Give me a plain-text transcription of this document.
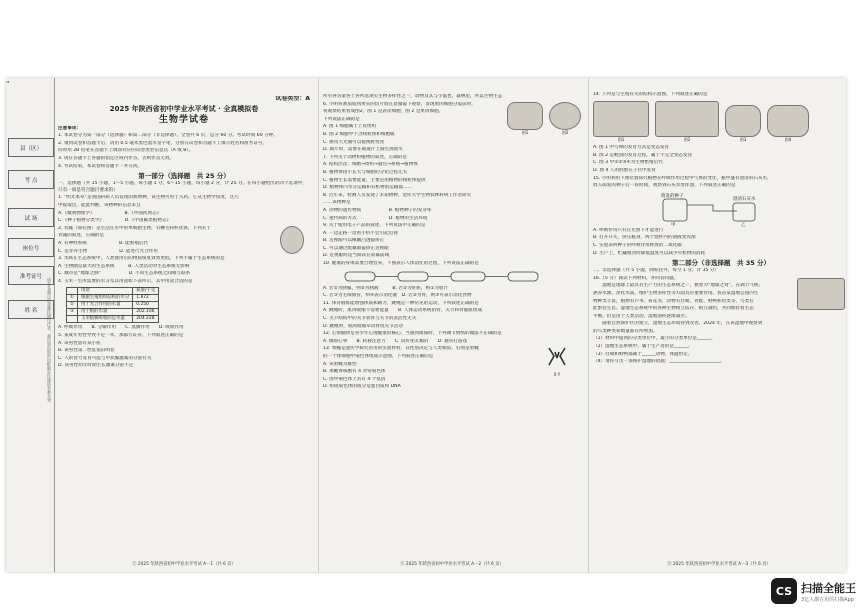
“
县（区）
考 点
试 场
座位号
准考证号
姓 名	请在各题目的答题区域内作答，超出黑色矩形边框限定区域的答案无效
试卷类型：A
2025 年陕西省初中学业水平考试 · 全真模拟卷
生物学试卷
注意事项：
1. 本试卷分为第一部分（选择题）和第二部分（非选择题）。全卷共 6 页，总分 60 分。考试时间 60 分钟。
2. 领到试卷和答题卡后，请用 0.5 毫米黑色墨水签字笔，分别在试卷和答题卡上填写姓名和准考证号，
同时用 2B 铅笔在答题卡上填涂对应的试卷类型信息点（A 或 B）。
3. 请在答题卡上各题的指定区域内作答，否则作答无效。
4. 考试结束，本试卷和答题卡一并交回。
第一部分（选择题　共 25 分）
一、选择题（共 15 小题，1～5 小题，每小题 1 分，6～15 小题，每小题 2 分，计 25 分。在每小题给出的四个选项中，只有一项是符合题目要求的）
1. “明光本草”是我国科研人员发现的新物种，该生物可用于入药。它从生物学角度，这几
中提取出，能此判断，该物种的信息来自
A.《微观物理学》　　　　　　　B.《中国药典志》
C.《种子植物分类学》　　　　　D.《中国蕨类植物志》
2. 衣藻（如右图）是生活在水中的单细胞生物，有鞭毛和杯状体，下列关于
衣藻的叙述，正确的是
A. 有神经系统　　　　　　　B. 能繁殖后代
C. 是异养生物　　　　　　　D. 能进行光合作用
3. 水域在生态系统中，人类使用后的物质恢复效果更低。下列不属于生态系统的是
A. 生物圈是最大的生态系统　　　B. 人类活动对生态系统无影响
C. 城市是“地球之肺”　　　　　　D. 不同生态系统之间相互联系
4. 玉米一生所需要的水分及其用途如下表所示，其中用途合适的是
	用途	质量/千克
①	根据生殖组织结构的水分	1.872
②	用于光合作用的水量	0.250
③	用于根的水量	202.106
	玉米植株吸收的总水量	204.228
A. 呼吸作用　　B. 分解作用　　C. 蒸腾作用　　D. 吸收作用
5. 某成年男性导致不足一米，那都方证常，下列叙述正确的是
A. 该男性患有呆小症
B. 该男性第二性征依旧明显
C. 人的智力发育可能与甲状腺激素的分泌有关
D. 该男性幼年时期生长激素分泌不足
Ⓢ 2025 年陕西省初中学业水平考试 A－1（共 6 页）
所有各答案各上各所选项实生物多样性之一，动物及其与小鼠也，森林里，所以生物生态
图1	图2
6. 小明将番茄成熟果实的切片放在显微镜下观察，发现果肉细胞分裂前时，
将观察结果看成图2，图 1 是表皮细胞，图 2 是果肉细胞。
下列说法正确的是
A. 图 1 细胞属于上皮组织
B. 图 2 细胞中不含线粒体和细胞膜
C. 换用大光圈可以使视野变亮
D. 制片时，需要在载玻片上滴生理盐水
7. 下列关于动物和植物的叙述，正确的是
A. 结构层次：细胞→组织→器官→系统→植物体
B. 植物体由小长大与细胞的分化过程无关
C. 植物生长需要能量，主要是由植物的线粒体提供
D. 植物体内水分运输和有机物的运输都……
8. 近年来，检测人员发现了未知物种，金库大学生物农林科研工作者研究
……该物种是
A. 动物的遗传物质　　　　　　B. 植物种子的发芽率
C. 遗传病的方式　　　　　　　D. 植物的生活环境
9. 关于使用电子产品的叙述，下列说法中正确的是
A. 一边走路一边看手机不会引起近视
B. 近视眼可以佩戴凸透镜矫正
C. 可以通过配戴眼镜矫正近视眼
D. 近视眼时适当阅读在屏幕前线
10. 健康的身体需要合理营养，下图表示人体消化的过程，下列说法正确的是
A. 若②为胰腺，则②为胰液　　　B. 若②为肝脏，则①为胆汁
C. 若③为毛细血管，则④表示消化液　D. 若②为胃，则③可表示消化食物
11. 体育锻炼能增强体质和耐力，跳绳是一种常见的运动，下列叙述正确的是
A. 跳绳时，肌肉收缩不需要能量　　B. 人体运动系统由骨、关节和骨骼肌组成
C. 关节结构中的关节软骨与关节的灵活性无关
D. 跳绳时，肌肉收缩牵动骨绕关节活动
12. 心情愉快是青少年心理健康的核心。当遇到烦恼时，下列调节情绪的做法不正确的是
A. 倾诉心事　　B. 转移注意力　　C. 向好朋友倾诉　　D. 通宵打游戏
X Y
13. 果蝇是遗传学研究常用的实验材料，其性别决定与人类相似，右图是果蝇
的一个体细胞中染色体组成示意图，下列叙述正确的是
A. 该果蝇为雄性
B. 果蝇体细胞有 4 对常染色体
C. 图中染色体上具有 4 个基因
D. 组成染色体的成分是蛋白质和 DNA
Ⓢ 2025 年陕西省初中学业水平考试 A－2（共 6 页）
14. 下列是与生殖有关的结构示意图，下列叙述正确的是
图1	图2	图3	图4
A. 图 1 中鸟卵的发育方式是变态发育
B. 图 2 是蝗虫的发育过程，属于不完全变态发育
C. 图 3 中①②③④为生物繁殖后代
D. 图 4 人的胚胎在子宫中发育
15. 小明利用下图装置探究植物在呼吸作用过程中气体的变化，瓶中盛有澄清的石灰水，
放入萌发的种子后一段时间，观察到石灰水变浑浊，下列叙述正确的是
萌发的种子
澄清石灰水
甲	乙
A. 呼吸作用只有在光照下才能进行
B. 打开开关，挤压瓶身，两个烧杯内的溶液变浑浊
C. 实验表明种子的呼吸作用释放的二氧化碳
D. 生产上，贮藏粮食时降低温度可以减少有机物的消耗
第二部分（非选择题　共 35 分）
二、非选择题（共 5 小题，除标注外，每空 1 分，计 35 分）
16.（5 分）阅读下列材料，并回答问题。
　　湿地是地球上最具有生产力的生态系统之一，被誉为“地球之肾”，在调节气候、
涵养水源、净化水质、维护生物多样性等方面具有重要作用。我省某湿地公园内生
物种类丰富，植物有芦苇、荷花等，动物有白鹭、青蛙、野鸭和鱼类等，鸟类在
此繁衍生息。湿地生态系统中的各种生物相互依存、相互制约，共同维持着生态
平衡。但是由于人类活动，湿地面积逐渐减少。
　　随着自然保护区的建立，湿地生态环境得到改善。2024 年，在该湿地中观察到
的鸟类种类和数量都有所增加。
（1）材料中提到的分类单位中，最小的分类单位是______。
（2）湿地生态系统中，属于生产者的是______。
（3）白鹭和野鸭都属于______动物，体温恒定。
（4）请你写出一条保护湿地的措施：______________________。
Ⓢ 2025 年陕西省初中学业水平考试 A－3（共 6 页）
CS 扫描全能王
3亿人都在用的扫描App
